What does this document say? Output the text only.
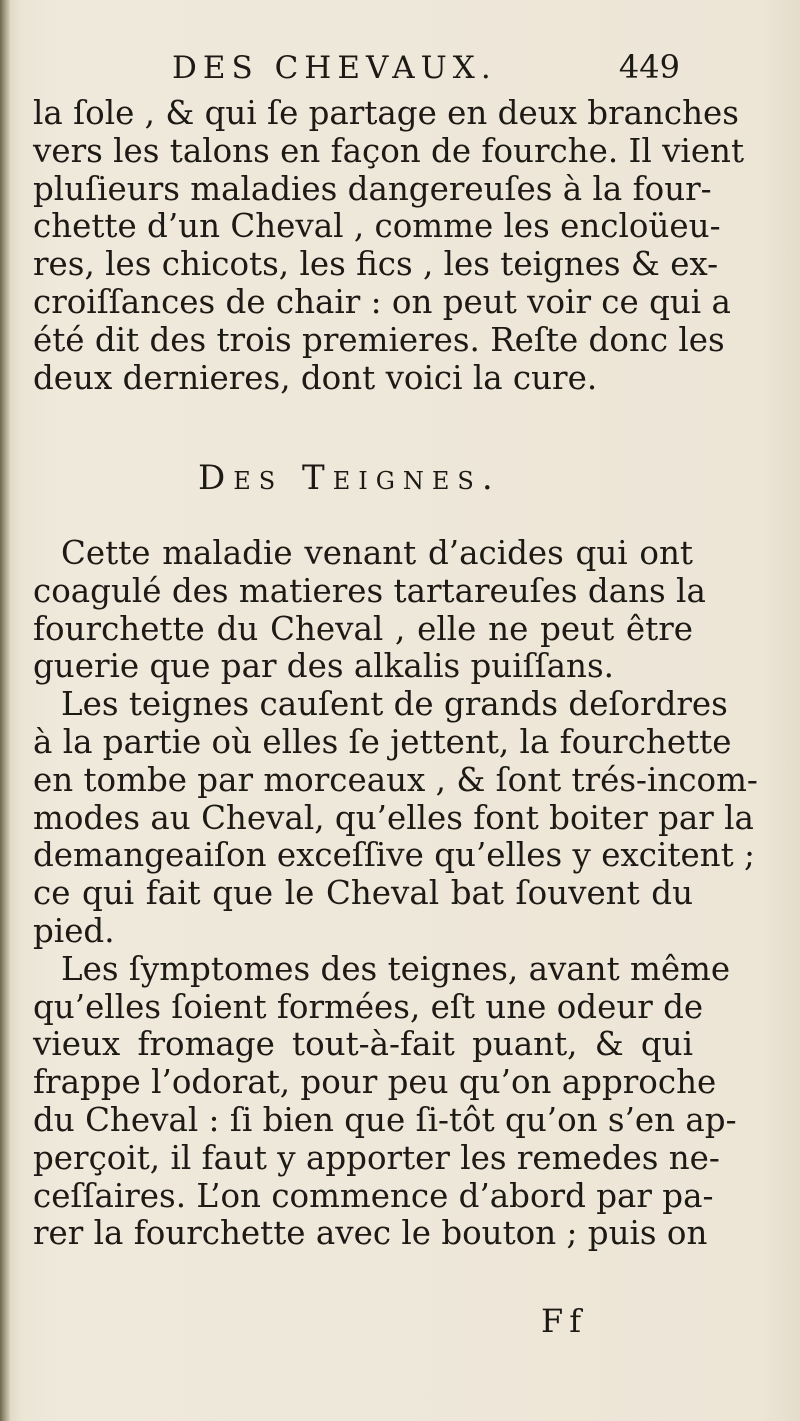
DES CHEVAUX.	449
la ſole , & qui ſe partage en deux branches
vers les talons en façon de fourche. Il vient
pluſieurs maladies dangereuſes à la four-
chette d’un Cheval , comme les encloüeu-
res, les chicots, les fics , les teignes & ex-
croiſſances de chair : on peut voir ce qui a
été dit des trois premieres. Reſte donc les
deux dernieres, dont voici la cure.
Des Teignes.
Cette maladie venant d’acides qui ont
coagulé des matieres tartareuſes dans la
fourchette du Cheval , elle ne peut être
guerie que par des alkalis puiſſans.
Les teignes cauſent de grands deſordres
à la partie où elles ſe jettent, la fourchette
en tombe par morceaux , & ſont trés-incom-
modes au Cheval, qu’elles font boiter par la
demangeaiſon exceſſive qu’elles y excitent ;
ce qui fait que le Cheval bat ſouvent du
pied.
Les ſymptomes des teignes, avant même
qu’elles ſoient formées, eſt une odeur de
vieux fromage tout-à-fait puant, & qui
frappe l’odorat, pour peu qu’on approche
du Cheval : ſi bien que ſi-tôt qu’on s’en ap-
perçoit, il faut y apporter les remedes ne-
ceſſaires. L’on commence d’abord par pa-
rer la fourchette avec le bouton ; puis on
Ff
